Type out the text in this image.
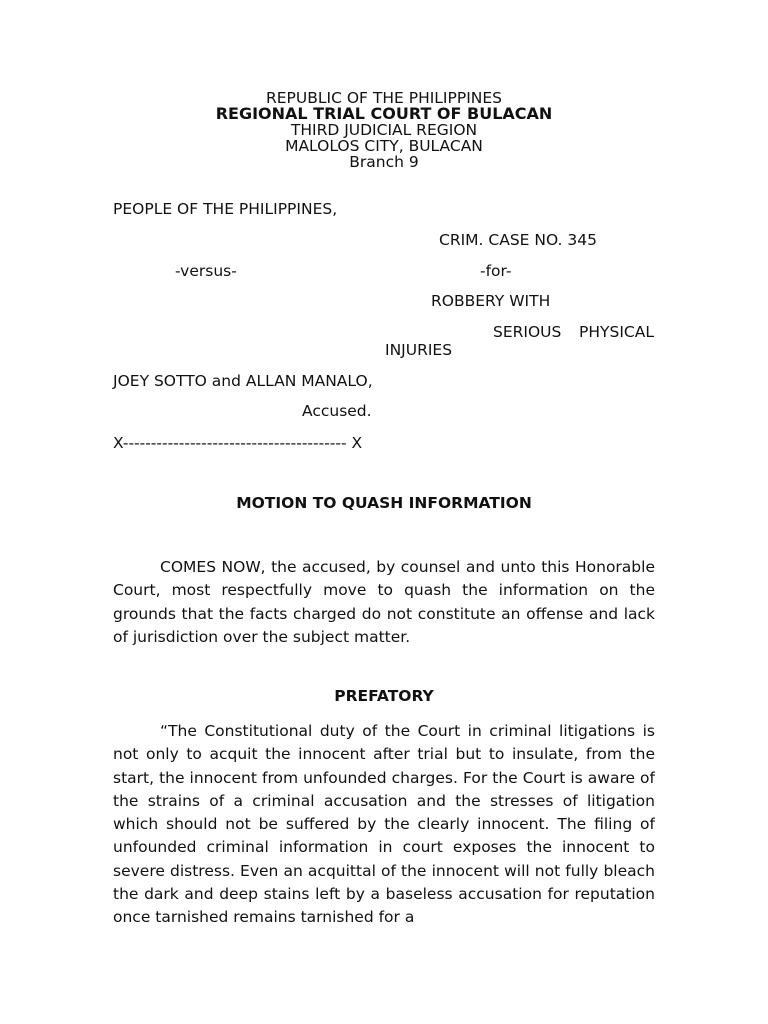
REPUBLIC OF THE PHILIPPINES
REGIONAL TRIAL COURT OF BULACAN
THIRD JUDICIAL REGION
MALOLOS CITY, BULACAN
Branch 9
PEOPLE OF THE PHILIPPINES,
CRIM. CASE NO. 345
-versus-	-for-
ROBBERY WITH
SERIOUS PHYSICAL
INJURIES
JOEY SOTTO and ALLAN MANALO,
Accused.
X---------------------------------------- X
MOTION TO QUASH INFORMATION
COMES NOW, the accused, by counsel and unto this Honorable Court, most respectfully move to quash the information on the grounds that the facts charged do not constitute an offense and lack of jurisdiction over the subject matter.
PREFATORY
“The Constitutional duty of the Court in criminal litigations is not only to acquit the innocent after trial but to insulate, from the start, the innocent from unfounded charges. For the Court is aware of the strains of a criminal accusation and the stresses of litigation which should not be suffered by the clearly innocent. The filing of unfounded criminal information in court exposes the innocent to severe distress. Even an acquittal of the innocent will not fully bleach the dark and deep stains left by a baseless accusation for reputation once tarnished remains tarnished for a
